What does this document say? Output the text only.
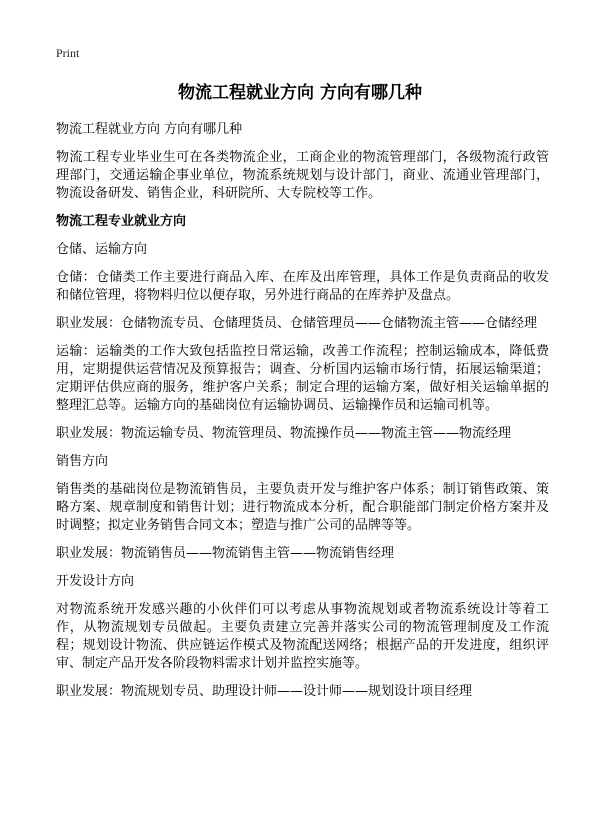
Print
物流工程就业方向 方向有哪几种

物流工程就业方向 方向有哪几种

物流工程专业毕业生可在各类物流企业，工商企业的物流管理部门，各级物流行政管理部门，交通运输企事业单位，物流系统规划与设计部门，商业、流通业管理部门，物流设备研发、销售企业，科研院所、大专院校等工作。

物流工程专业就业方向

仓储、运输方向

仓储：仓储类工作主要进行商品入库、在库及出库管理，具体工作是负责商品的收发和储位管理，将物料归位以便存取，另外进行商品的在库养护及盘点。

职业发展：仓储物流专员、仓储理货员、仓储管理员——仓储物流主管——仓储经理

运输：运输类的工作大致包括监控日常运输，改善工作流程；控制运输成本，降低费用，定期提供运营情况及预算报告；调查、分析国内运输市场行情，拓展运输渠道；定期评估供应商的服务，维护客户关系；制定合理的运输方案，做好相关运输单据的整理汇总等。运输方向的基础岗位有运输协调员、运输操作员和运输司机等。

职业发展：物流运输专员、物流管理员、物流操作员——物流主管——物流经理

销售方向

销售类的基础岗位是物流销售员，主要负责开发与维护客户体系；制订销售政策、策略方案、规章制度和销售计划；进行物流成本分析，配合职能部门制定价格方案并及时调整；拟定业务销售合同文本；塑造与推广公司的品牌等等。

职业发展：物流销售员——物流销售主管——物流销售经理

开发设计方向

对物流系统开发感兴趣的小伙伴们可以考虑从事物流规划或者物流系统设计等着工作，从物流规划专员做起。主要负责建立完善并落实公司的物流管理制度及工作流程；规划设计物流、供应链运作模式及物流配送网络；根据产品的开发进度，组织评审、制定产品开发各阶段物料需求计划并监控实施等。

职业发展：物流规划专员、助理设计师——设计师——规划设计项目经理
